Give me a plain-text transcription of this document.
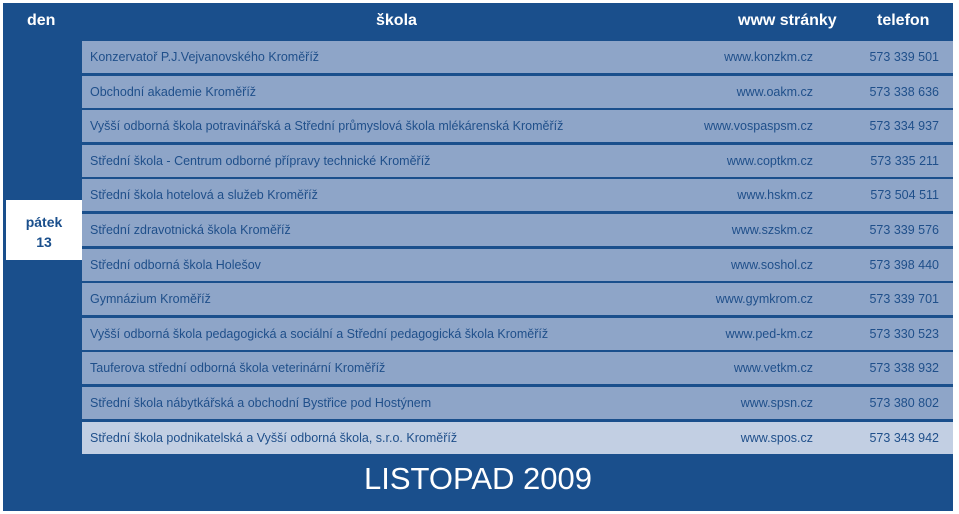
den	škola	www stránky	telefon
pátek
13
Konzervatoř P.J.Vejvanovského Kroměříž	www.konzkm.cz	573 339 501
Obchodní akademie Kroměříž	www.oakm.cz	573 338 636
Vyšší odborná škola potravinářská a Střední průmyslová škola mlékárenská Kroměříž	www.vospaspsm.cz	573 334 937
Střední škola - Centrum odborné přípravy technické Kroměříž	www.coptkm.cz	573 335 211
Střední škola hotelová a služeb Kroměříž	www.hskm.cz	573 504 511
Střední zdravotnická škola Kroměříž	www.szskm.cz	573 339 576
Střední odborná škola Holešov	www.soshol.cz	573 398 440
Gymnázium Kroměříž	www.gymkrom.cz	573 339 701
Vyšší odborná škola pedagogická a sociální a Střední pedagogická škola Kroměříž	www.ped-km.cz	573 330 523
Tauferova střední odborná škola veterinární Kroměříž	www.vetkm.cz	573 338 932
Střední škola nábytkářská a obchodní Bystřice pod Hostýnem	www.spsn.cz	573 380 802
Střední škola podnikatelská a Vyšší odborná škola, s.r.o. Kroměříž	www.spos.cz	573 343 942
LISTOPAD 2009
